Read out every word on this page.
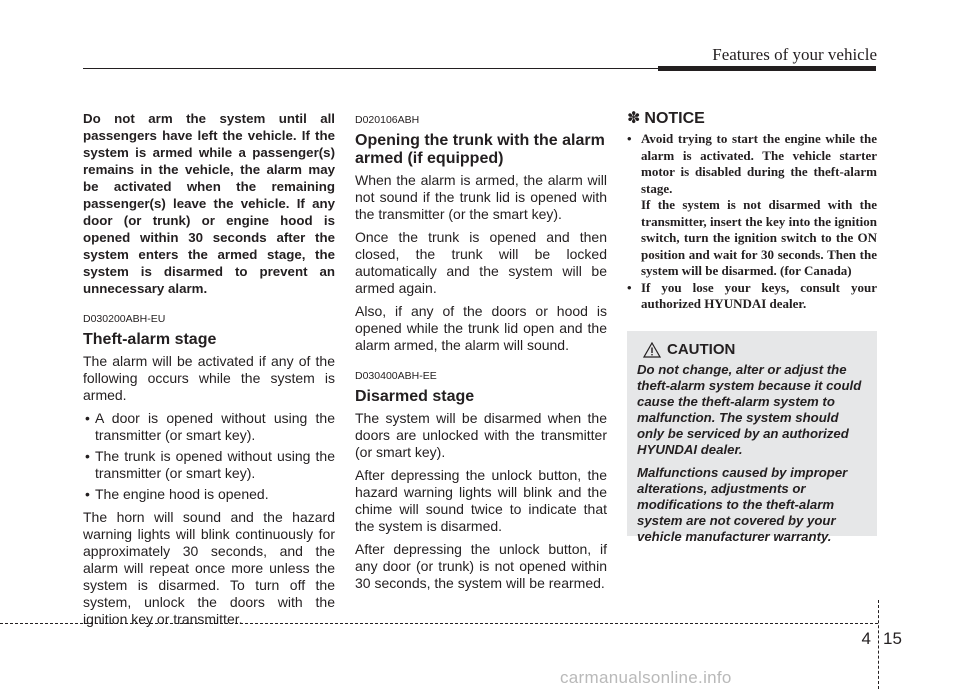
Features of your vehicle

Do not arm the system until all passengers have left the vehicle. If the system is armed while a passenger(s) remains in the vehicle, the alarm may be activated when the remaining passenger(s) leave the vehicle. If any door (or trunk) or engine hood is opened within 30 seconds after the system enters the armed stage, the system is disarmed to prevent an unnecessary alarm.

D030200ABH-EU

Theft-alarm stage

The alarm will be activated if any of the following occurs while the system is armed.

• A door is opened without using the transmitter (or smart key).
• The trunk is opened without using the transmitter (or smart key).
• The engine hood is opened.

The horn will sound and the hazard warning lights will blink continuously for approximately 30 seconds, and the alarm will repeat once more unless the system is disarmed. To turn off the system, unlock the doors with the ignition key or transmitter.

D020106ABH

Opening the trunk with the alarm armed (if equipped)

When the alarm is armed, the alarm will not sound if the trunk lid is opened with the transmitter (or the smart key).

Once the trunk is opened and then closed, the trunk will be locked automatically and the system will be armed again.

Also, if any of the doors or hood is opened while the trunk lid open and the alarm armed, the alarm will sound.

D030400ABH-EE

Disarmed stage

The system will be disarmed when the doors are unlocked with the transmitter (or smart key).

After depressing the unlock button, the hazard warning lights will blink and the chime will sound twice to indicate that the system is disarmed.

After depressing the unlock button, if any door (or trunk) is not opened within 30 seconds, the system will be rearmed.

✽ NOTICE
• Avoid trying to start the engine while the alarm is activated. The vehicle starter motor is disabled during the theft-alarm stage.
If the system is not disarmed with the transmitter, insert the key into the ignition switch, turn the ignition switch to the ON position and wait for 30 seconds. Then the system will be disarmed. (for Canada)
• If you lose your keys, consult your authorized HYUNDAI dealer.
CAUTION

Do not change, alter or adjust the theft-alarm system because it could cause the theft-alarm system to malfunction. The system should only be serviced by an authorized HYUNDAI dealer.

Malfunctions caused by improper alterations, adjustments or modifications to the theft-alarm system are not covered by your vehicle manufacturer warranty.

4 15
carmanualsonline.info
